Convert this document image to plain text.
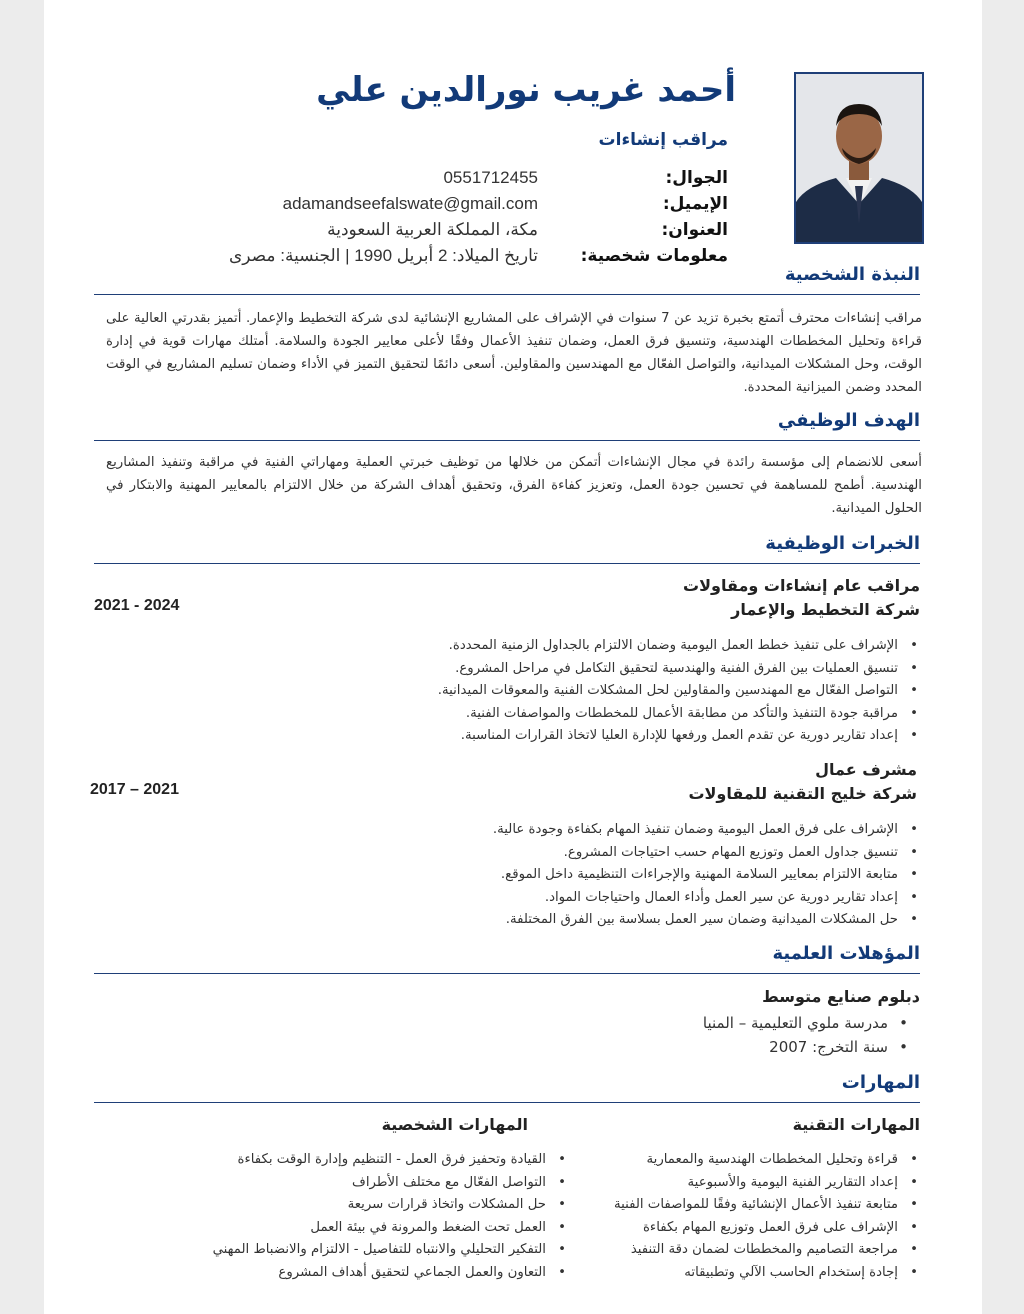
أحمد غريب نورالدين علي
مراقب إنشاءات
الجوال:
0551712455
الإيميل:
adamandseefalswate@gmail.com
العنوان:
مكة، المملكة العربية السعودية
معلومات شخصية:
تاريخ الميلاد: 2 أبريل 1990 | الجنسية: مصرى
النبذة الشخصية
مراقب إنشاءات محترف أتمتع بخبرة تزيد عن 7 سنوات في الإشراف على المشاريع الإنشائية لدى شركة التخطيط والإعمار. أتميز بقدرتي العالية على قراءة وتحليل المخططات الهندسية، وتنسيق فرق العمل، وضمان تنفيذ الأعمال وفقًا لأعلى معايير الجودة والسلامة. أمتلك مهارات قوية في إدارة الوقت، وحل المشكلات الميدانية، والتواصل الفعّال مع المهندسين والمقاولين. أسعى دائمًا لتحقيق التميز في الأداء وضمان تسليم المشاريع في الوقت المحدد وضمن الميزانية المحددة.
الهدف الوظيفي
أسعى للانضمام إلى مؤسسة رائدة في مجال الإنشاءات أتمكن من خلالها من توظيف خبرتي العملية ومهاراتي الفنية في مراقبة وتنفيذ المشاريع الهندسية. أطمح للمساهمة في تحسين جودة العمل، وتعزيز كفاءة الفرق، وتحقيق أهداف الشركة من خلال الالتزام بالمعايير المهنية والابتكار في الحلول الميدانية.
الخبرات الوظيفية
مراقب عام إنشاءات ومقاولات
شركة التخطيط والإعمار
2021 - 2024
• الإشراف على تنفيذ خطط العمل اليومية وضمان الالتزام بالجداول الزمنية المحددة.
• تنسيق العمليات بين الفرق الفنية والهندسية لتحقيق التكامل في مراحل المشروع.
• التواصل الفعّال مع المهندسين والمقاولين لحل المشكلات الفنية والمعوقات الميدانية.
• مراقبة جودة التنفيذ والتأكد من مطابقة الأعمال للمخططات والمواصفات الفنية.
• إعداد تقارير دورية عن تقدم العمل ورفعها للإدارة العليا لاتخاذ القرارات المناسبة.
مشرف عمال
شركة خليج التقنية للمقاولات
2017 – 2021
• الإشراف على فرق العمل اليومية وضمان تنفيذ المهام بكفاءة وجودة عالية.
• تنسيق جداول العمل وتوزيع المهام حسب احتياجات المشروع.
• متابعة الالتزام بمعايير السلامة المهنية والإجراءات التنظيمية داخل الموقع.
• إعداد تقارير دورية عن سير العمل وأداء العمال واحتياجات المواد.
• حل المشكلات الميدانية وضمان سير العمل بسلاسة بين الفرق المختلفة.
المؤهلات العلمية
دبلوم صنايع متوسط
• مدرسة ملوي التعليمية – المنيا
• سنة التخرج: 2007
المهارات
المهارات التقنية
• قراءة وتحليل المخططات الهندسية والمعمارية
• إعداد التقارير الفنية اليومية والأسبوعية
• متابعة تنفيذ الأعمال الإنشائية وفقًا للمواصفات الفنية
• الإشراف على فرق العمل وتوزيع المهام بكفاءة
• مراجعة التصاميم والمخططات لضمان دقة التنفيذ
• إجادة إستخدام الحاسب الآلي وتطبيقاته
المهارات الشخصية
• القيادة وتحفيز فرق العمل - التنظيم وإدارة الوقت بكفاءة
• التواصل الفعّال مع مختلف الأطراف
• حل المشكلات واتخاذ قرارات سريعة
• العمل تحت الضغط والمرونة في بيئة العمل
• التفكير التحليلي والانتباه للتفاصيل - الالتزام والانضباط المهني
• التعاون والعمل الجماعي لتحقيق أهداف المشروع
